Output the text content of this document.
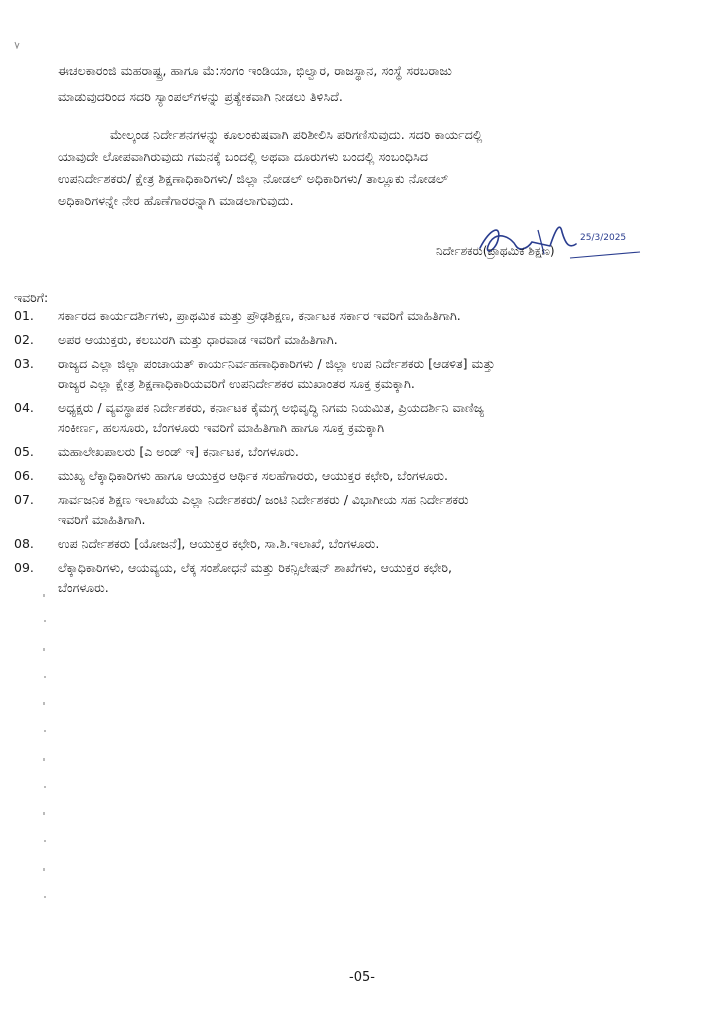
ಈಚಲಕಾರಂಜಿ ಮಹರಾಷ್ಟ್ರ, ಹಾಗೂ ಮೆ:ಸಂಗಂ ಇಂಡಿಯಾ, ಭಿಲ್ವಾರ, ರಾಜಸ್ಥಾನ, ಸಂಸ್ಥೆ ಸರಬರಾಜು
ಮಾಡುವುದರಿಂದ ಸದರಿ ಸ್ಯಾಂಪಲ್‌ಗಳನ್ನು ಪ್ರತ್ಯೇಕವಾಗಿ ನೀಡಲು ತಿಳಿಸಿದೆ.
ಮೇಲ್ಕಂಡ ನಿರ್ದೇಶನಗಳನ್ನು ಕೂಲಂಕುಷವಾಗಿ ಪರಿಶೀಲಿಸಿ ಪರಿಗಣಿಸುವುದು. ಸದರಿ ಕಾರ್ಯದಲ್ಲಿ
ಯಾವುದೇ ಲೋಪವಾಗಿರುವುದು ಗಮನಕ್ಕೆ ಬಂದಲ್ಲಿ ಅಥವಾ ದೂರುಗಳು ಬಂದಲ್ಲಿ ಸಂಬಂಧಿಸಿದ
ಉಪನಿರ್ದೇಶಕರು/ ಕ್ಷೇತ್ರ ಶಿಕ್ಷಣಾಧಿಕಾರಿಗಳು/ ಜಿಲ್ಲಾ ನೋಡಲ್ ಅಧಿಕಾರಿಗಳು/ ತಾಲ್ಲೂಕು ನೋಡಲ್
ಅಧಿಕಾರಿಗಳನ್ನೇ ನೇರ ಹೊಣೆಗಾರರನ್ನಾಗಿ ಮಾಡಲಾಗುವುದು.
25/3/2025
ನಿರ್ದೇಶಕರು(ಪ್ರಾಥಮಿಕ ಶಿಕ್ಷಣ)
ಇವರಿಗೆ:
01.	ಸರ್ಕಾರದ ಕಾರ್ಯದರ್ಶಿಗಳು, ಪ್ರಾಥಮಿಕ ಮತ್ತು ಪ್ರೌಢಶಿಕ್ಷಣ, ಕರ್ನಾಟಕ ಸರ್ಕಾರ ಇವರಿಗೆ ಮಾಹಿತಿಗಾಗಿ.
02.	ಅಪರ ಆಯುಕ್ತರು, ಕಲಬುರಗಿ ಮತ್ತು ಧಾರವಾಡ ಇವರಿಗೆ ಮಾಹಿತಿಗಾಗಿ.
03.	ರಾಜ್ಯದ ಎಲ್ಲಾ ಜಿಲ್ಲಾ ಪಂಚಾಯತ್ ಕಾರ್ಯನಿರ್ವಹಣಾಧಿಕಾರಿಗಳು / ಜಿಲ್ಲಾ ಉಪ ನಿರ್ದೇಶಕರು [ಆಡಳಿತ] ಮತ್ತು
ರಾಜ್ಯರ ಎಲ್ಲಾ ಕ್ಷೇತ್ರ ಶಿಕ್ಷಣಾಧಿಕಾರಿಯವರಿಗೆ ಉಪನಿರ್ದೇಶಕರ ಮುಖಾಂತರ ಸೂಕ್ತ ಕ್ರಮಕ್ಕಾಗಿ.
04.	ಅಧ್ಯಕ್ಷರು / ವ್ಯವಸ್ಥಾಪಕ ನಿರ್ದೇಶಕರು, ಕರ್ನಾಟಕ ಕೈಮಗ್ಗ ಅಭಿವೃದ್ಧಿ ನಿಗಮ ನಿಯಮಿತ, ಪ್ರಿಯದರ್ಶಿನಿ ವಾಣಿಜ್ಯ
ಸಂಕೀರ್ಣ, ಹಲಸೂರು, ಬೆಂಗಳೂರು ಇವರಿಗೆ ಮಾಹಿತಿಗಾಗಿ ಹಾಗೂ ಸೂಕ್ತ ಕ್ರಮಕ್ಕಾಗಿ
05.	ಮಹಾಲೇಖಪಾಲರು [ಎ ಅಂಡ್ ಇ] ಕರ್ನಾಟಕ, ಬೆಂಗಳೂರು.
06.	ಮುಖ್ಯ ಲೆಕ್ಕಾಧಿಕಾರಿಗಳು ಹಾಗೂ ಆಯುಕ್ತರ ಆರ್ಥಿಕ ಸಲಹೆಗಾರರು, ಆಯುಕ್ತರ ಕಛೇರಿ, ಬೆಂಗಳೂರು.
07.	ಸಾರ್ವಜನಿಕ ಶಿಕ್ಷಣ ಇಲಾಖೆಯ ಎಲ್ಲಾ ನಿರ್ದೇಶಕರು/ ಜಂಟಿ ನಿರ್ದೇಶಕರು / ವಿಭಾಗೀಯ ಸಹ ನಿರ್ದೇಶಕರು
ಇವರಿಗೆ ಮಾಹಿತಿಗಾಗಿ.
08.	ಉಪ ನಿರ್ದೇಶಕರು [ಯೋಜನೆ], ಆಯುಕ್ತರ ಕಛೇರಿ, ಸಾ.ಶಿ.ಇಲಾಖೆ, ಬೆಂಗಳೂರು.
09.	ಲೆಕ್ಕಾಧಿಕಾರಿಗಳು, ಆಯವ್ಯಯ, ಲೆಕ್ಕ ಸಂಶೋಧನೆ ಮತ್ತು ರಿಕನ್ಸಿಲೇಷನ್ ಶಾಖೆಗಳು, ಆಯುಕ್ತರ ಕಛೇರಿ,
ಬೆಂಗಳೂರು.
-05-
